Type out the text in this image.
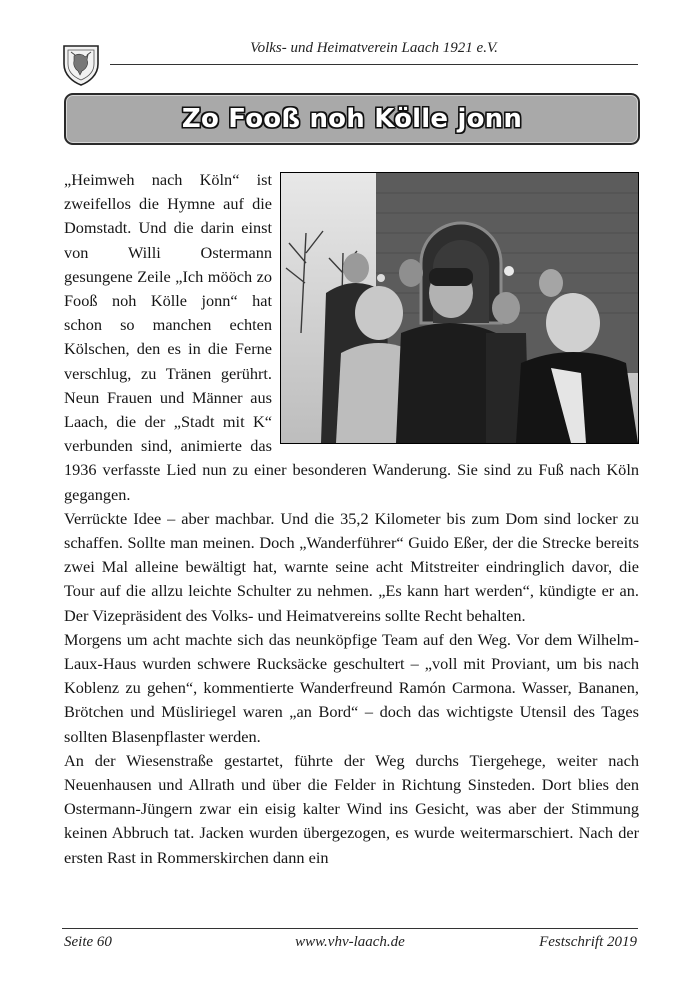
Volks- und Heimatverein Laach 1921 e.V.
Zo Fooß noh Kölle jonn

„Heimweh nach Köln“ ist zweifellos die Hymne auf die Domstadt. Und die darin einst von Willi Ostermann gesungene Zeile „Ich mööch zo Fooß noh Kölle jonn“ hat schon so manchen echten Kölschen, den es in die Ferne verschlug, zu Tränen gerührt. Neun Frauen und Männer aus Laach, die der „Stadt mit K“ verbunden sind, animierte das 1936 verfasste Lied nun zu einer besonderen Wanderung. Sie sind zu Fuß nach Köln gegangen.

Verrückte Idee – aber machbar. Und die 35,2 Kilometer bis zum Dom sind locker zu schaffen. Sollte man meinen. Doch „Wanderführer“ Guido Eßer, der die Strecke bereits zwei Mal alleine bewältigt hat, warnte seine acht Mitstreiter eindringlich davor, die Tour auf die allzu leichte Schulter zu nehmen. „Es kann hart werden“, kündigte er an. Der Vizepräsident des Volks- und Heimatvereins sollte Recht behalten.

Morgens um acht machte sich das neunköpfige Team auf den Weg. Vor dem Wilhelm-Laux-Haus wurden schwere Rucksäcke geschultert – „voll mit Proviant, um bis nach Koblenz zu gehen“, kommentierte Wanderfreund Ramón Carmona. Wasser, Bananen, Brötchen und Müsliriegel waren „an Bord“ – doch das wichtigste Utensil des Tages sollten Blasenpflaster werden.

An der Wiesenstraße gestartet, führte der Weg durchs Tiergehege, weiter nach Neuenhausen und Allrath und über die Felder in Richtung Sinsteden. Dort blies den Ostermann-Jüngern zwar ein eisig kalter Wind ins Gesicht, was aber der Stimmung keinen Abbruch tat. Jacken wurden übergezogen, es wurde weitermarschiert. Nach der ersten Rast in Rommerskirchen dann ein

Seite 60	www.vhv-laach.de	Festschrift 2019
